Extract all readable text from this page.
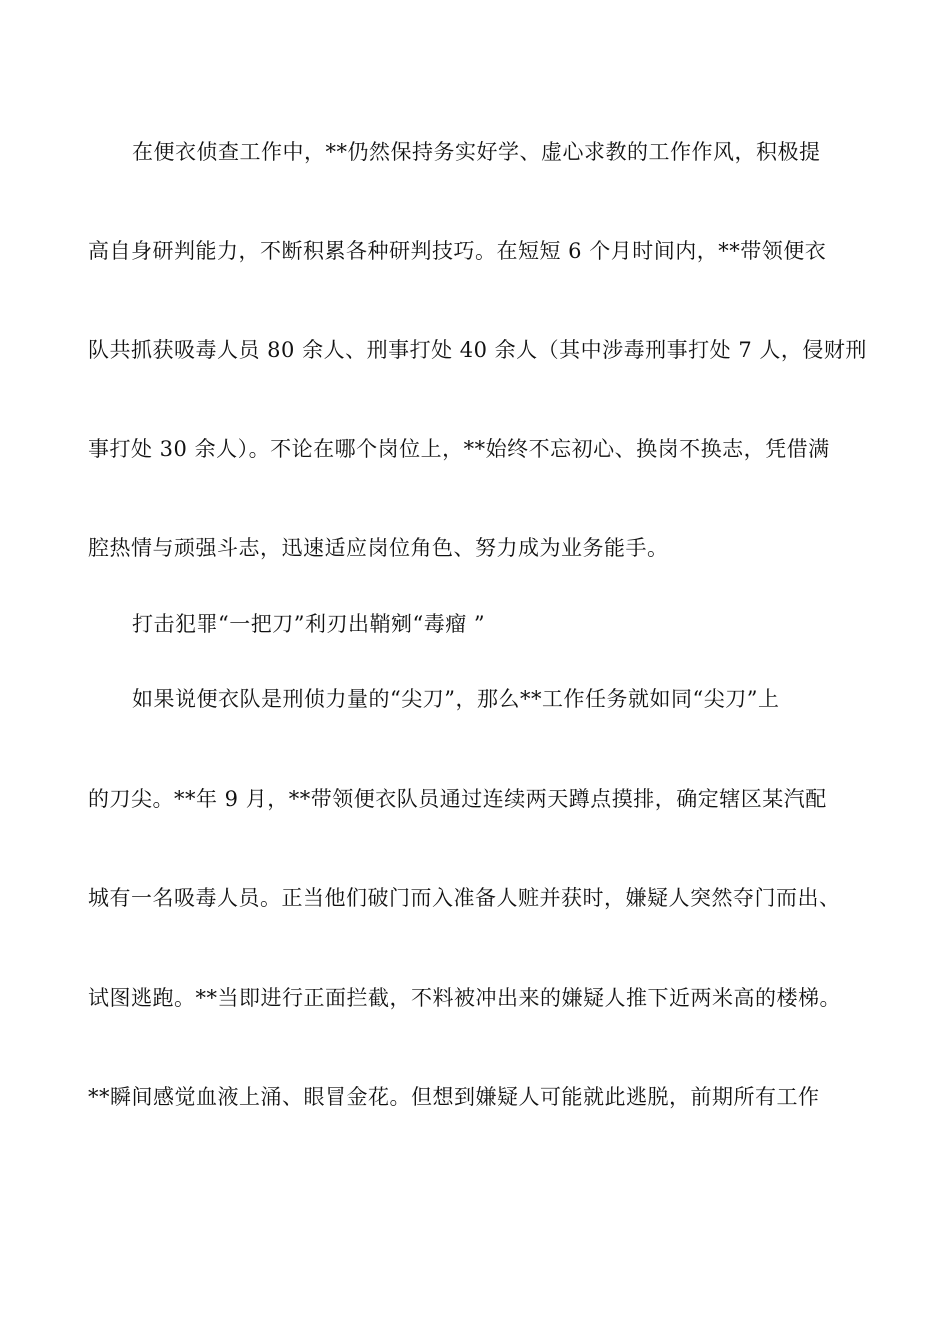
在便衣侦查工作中，**仍然保持务实好学、虚心求教的工作作风，积极提
高自身研判能力，不断积累各种研判技巧。在短短 6 个月时间内，**带领便衣
队共抓获吸毒人员 80 余人、刑事打处 40 余人（其中涉毒刑事打处 7 人，侵财刑
事打处 30 余人）。不论在哪个岗位上，**始终不忘初心、换岗不换志，凭借满
腔热情与顽强斗志，迅速适应岗位角色、努力成为业务能手。
打击犯罪“一把刀”利刃出鞘剜“毒瘤 ”
如果说便衣队是刑侦力量的“尖刀”，那么**工作任务就如同“尖刀”上
的刀尖。**年 9 月，**带领便衣队员通过连续两天蹲点摸排，确定辖区某汽配
城有一名吸毒人员。正当他们破门而入准备人赃并获时，嫌疑人突然夺门而出、
试图逃跑。**当即进行正面拦截，不料被冲出来的嫌疑人推下近两米高的楼梯。
**瞬间感觉血液上涌、眼冒金花。但想到嫌疑人可能就此逃脱，前期所有工作
